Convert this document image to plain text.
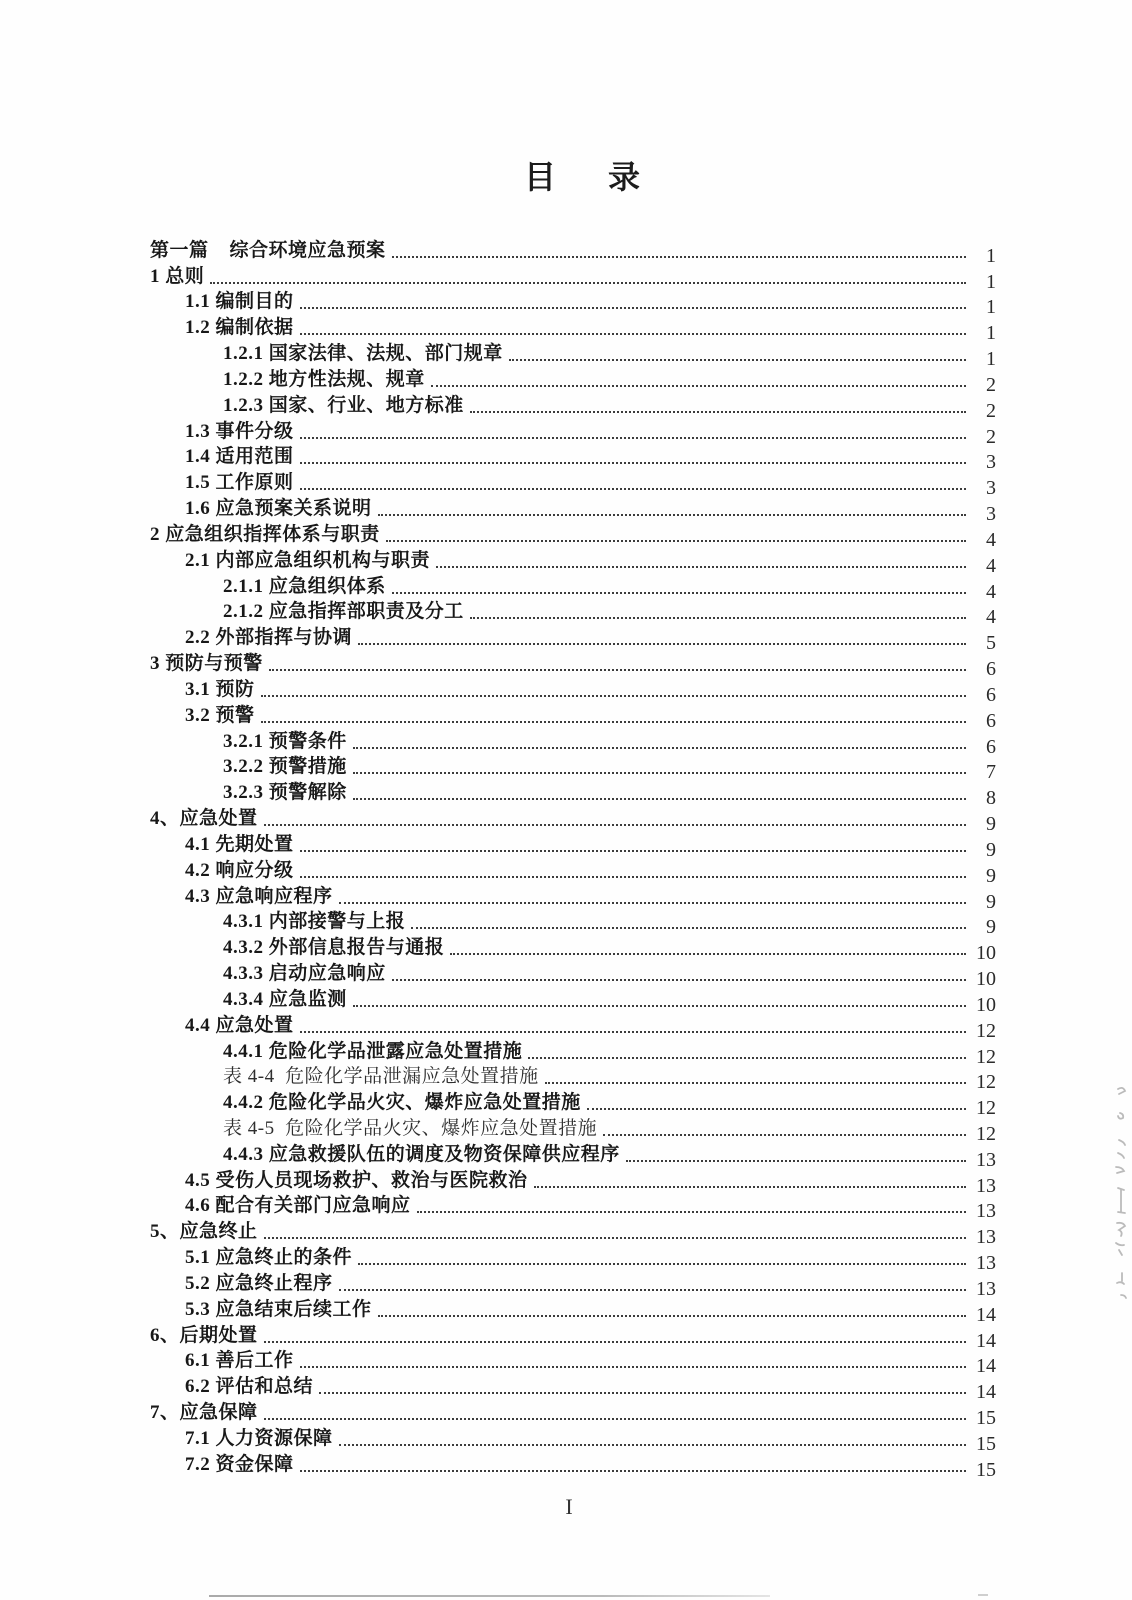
目 录
第一篇    综合环境应急预案	1
1 总则	1
1.1 编制目的	1
1.2 编制依据	1
1.2.1 国家法律、法规、部门规章	1
1.2.2 地方性法规、规章	2
1.2.3 国家、行业、地方标准	2
1.3 事件分级	2
1.4 适用范围	3
1.5 工作原则	3
1.6 应急预案关系说明	3
2 应急组织指挥体系与职责	4
2.1 内部应急组织机构与职责	4
2.1.1 应急组织体系	4
2.1.2 应急指挥部职责及分工	4
2.2 外部指挥与协调	5
3 预防与预警	6
3.1 预防	6
3.2 预警	6
3.2.1 预警条件	6
3.2.2 预警措施	7
3.2.3 预警解除	8
4、应急处置	9
4.1 先期处置	9
4.2 响应分级	9
4.3 应急响应程序	9
4.3.1 内部接警与上报	9
4.3.2 外部信息报告与通报	10
4.3.3 启动应急响应	10
4.3.4 应急监测	10
4.4 应急处置	12
4.4.1 危险化学品泄露应急处置措施	12
表 4-4  危险化学品泄漏应急处置措施	12
4.4.2 危险化学品火灾、爆炸应急处置措施	12
表 4-5  危险化学品火灾、爆炸应急处置措施	12
4.4.3 应急救援队伍的调度及物资保障供应程序	13
4.5 受伤人员现场救护、救治与医院救治	13
4.6 配合有关部门应急响应	13
5、应急终止	13
5.1 应急终止的条件	13
5.2 应急终止程序	13
5.3 应急结束后续工作	14
6、后期处置	14
6.1 善后工作	14
6.2 评估和总结	14
7、应急保障	15
7.1 人力资源保障	15
7.2 资金保障	15
I
